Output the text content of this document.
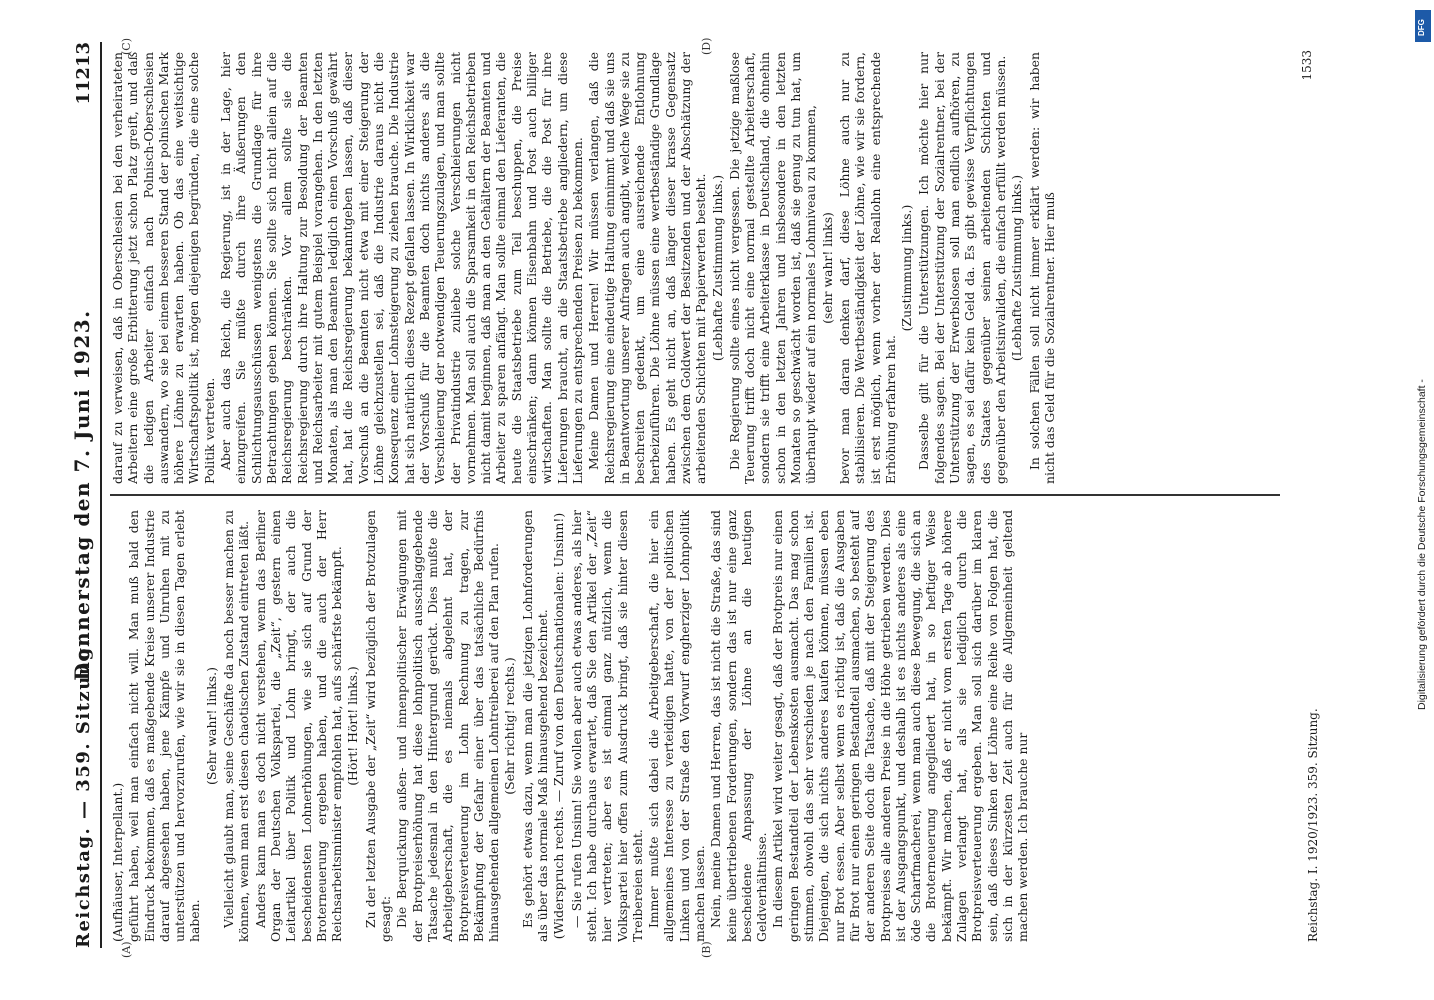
Reichstag. — 359. Sitzung.
Donnerstag den 7. Juni 1923.
11213
(A)	(B)
(C)	(D)

(Aufhäuser, Interpellant.) geführt haben, weil man einfach nicht will. Man muß bald den Eindruck bekommen, daß es maßgebende Kreise unserer Industrie darauf abgesehen haben, jene Kämpfe und Unruhen mit zu unterstützen und hervorzurufen, wie wir sie in diesen Tagen erlebt haben.

(Sehr wahr! links.) Vielleicht glaubt man, seine Geschäfte da noch besser machen zu können, wenn man erst diesen chaotischen Zustand eintreten läßt. Anders kann man es doch nicht verstehen, wenn das Berliner Organ der Deutschen Volkspartei, die „Zeit“, gestern einen Leitartikel über Politik und Lohn bringt, der auch die bescheidensten Lohnerhöhungen, wie sie sich auf Grund der Broterneuerung ergeben haben, und die auch der Herr Reichsarbeitsminister empfohlen hat, aufs schärfste bekämpft. (Hört! Hört! links.) Zu der letzten Ausgabe der „Zeit“ wird bezüglich der Brotzulagen gesagt: Die Berquickung außen- und innenpolitischer Erwägungen mit der Brotpreiserhöhung hat diese lohnpolitisch ausschlaggebende Tatsache jedesmal in den Hintergrund gerückt. Dies mußte die Arbeitgeberschaft, die es niemals abgelehnt hat, der Brotpreisverteuerung im Lohn Rechnung zu tragen, zur Bekämpfung der Gefahr einer über das tatsächliche Bedürfnis hinausgehenden allgemeinen Lohntreiberei auf den Plan rufen. (Sehr richtig! rechts.) Es gehört etwas dazu, wenn man die jetzigen Lohnforderungen als über das normale Maß hinausgehend bezeichnet. (Widerspruch rechts. — Zuruf von den Deutschnationalen: Unsinn!) — Sie rufen Unsinn! Sie wollen aber auch etwas anderes, als hier steht. Ich habe durchaus erwartet, daß Sie den Artikel der „Zeit“ hier vertreten; aber es ist einmal ganz nützlich, wenn die Volkspartei hier offen zum Ausdruck bringt, daß sie hinter diesen Treibereien steht. Immer mußte sich dabei die Arbeitgeberschaft, die hier ein allgemeines Interesse zu verteidigen hatte, von der politischen Linken und von der Straße den Vorwurf engherziger Lohnpolitik machen lassen. Nein, meine Damen und Herren, das ist nicht die Straße, das sind keine übertriebenen Forderungen, sondern das ist nur eine ganz bescheidene Anpassung der Löhne an die heutigen Geldverhältnisse. In diesem Artikel wird weiter gesagt, daß der Brotpreis nur einen geringen Bestandteil der Lebenskosten ausmacht. Das mag schon stimmen, obwohl das sehr verschieden je nach den Familien ist. Diejenigen, die sich nichts anderes kaufen können, müssen eben nur Brot essen. Aber selbst wenn es richtig ist, daß die Ausgaben für Brot nur einen geringen Bestandteil ausmachen, so besteht auf der anderen Seite doch die Tatsache, daß mit der Steigerung des Brotpreises alle anderen Preise in die Höhe getrieben werden. Dies ist der Ausgangspunkt, und deshalb ist es nichts anderes als eine öde Scharfmacherei, wenn man auch diese Bewegung, die sich an die Broterneuerung angegliedert hat, in so heftiger Weise bekämpft. Wir machen, daß er nicht vom ersten Tage ab höhere Zulagen verlangt hat, als sie lediglich durch die Brotpreisverteuerung ergeben. Man soll sich darüber im klaren sein, daß dieses Sinken der Löhne eine Reihe von Folgen hat, die sich in der kürzesten Zeit auch für die Allgemeinheit geltend machen werden. Ich brauche nur

darauf zu verweisen, daß in Oberschlesien bei den verheirateten Arbeitern eine große Erbitterung jetzt schon Platz greift, und daß die ledigen Arbeiter einfach nach Polnisch-Oberschlesien auswandern, wo sie bei einem besseren Stand der polnischen Mark höhere Löhne zu erwarten haben. Ob das eine weitsichtige Wirtschaftspolitik ist, mögen diejenigen begründen, die eine solche Politik vertreten. Aber auch das Reich, die Regierung, ist in der Lage, hier einzugreifen. Sie müßte durch ihre Äußerungen den Schlichtungsausschüssen wenigstens die Grundlage für ihre Betrachtungen geben können. Sie sollte sich nicht allein auf die Reichsregierung beschränken. Vor allem sollte sie die Reichsregierung durch ihre Haltung zur Besoldung der Beamten und Reichsarbeiter mit gutem Beispiel vorangehen. In den letzten Monaten, als man den Beamten lediglich einen Vorschuß gewährt hat, hat die Reichsregierung bekanntgeben lassen, daß dieser Vorschuß an die Beamten nicht etwa mit einer Steigerung der Löhne gleichzustellen sei, daß die Industrie daraus nicht die Konsequenz einer Lohnsteigerung zu ziehen brauche. Die Industrie hat sich natürlich dieses Rezept gefallen lassen. In Wirklichkeit war der Vorschuß für die Beamten doch nichts anderes als die Verschleierung der notwendigen Teuerungszulagen, und man sollte der Privatindustrie zuliebe solche Verschleierungen nicht vornehmen. Man soll auch die Sparsamkeit in den Reichsbetrieben nicht damit beginnen, daß man an den Gehältern der Beamten und Arbeiter zu sparen anfängt. Man sollte einmal den Lieferanten, die heute die Staatsbetriebe zum Teil beschuppen, die Preise einschränken; dann können Eisenbahn und Post auch billiger wirtschaften. Man sollte die Betriebe, die die Post für ihre Lieferungen braucht, an die Staatsbetriebe angliedern, um diese Lieferungen zu entsprechenden Preisen zu bekommen. Meine Damen und Herren! Wir müssen verlangen, daß die Reichsregierung eine eindeutige Haltung einnimmt und daß sie uns in Beantwortung unserer Anfragen auch angibt, welche Wege sie zu beschreiten gedenkt, um eine ausreichende Entlohnung herbeizuführen. Die Löhne müssen eine wertbeständige Grundlage haben. Es geht nicht an, daß länger dieser krasse Gegensatz zwischen dem Goldwert der Besitzenden und der Abschätzung der arbeitenden Schichten mit Papierwerten besteht. (Lebhafte Zustimmung links.) Die Regierung sollte eines nicht vergessen. Die jetzige maßlose Teuerung trifft doch nicht eine normal gestellte Arbeiterschaft, sondern sie trifft eine Arbeiterklasse in Deutschland, die ohnehin schon in den letzten Jahren und insbesondere in den letzten Monaten so geschwächt worden ist, daß sie genug zu tun hat, um überhaupt wieder auf ein normales Lohnniveau zu kommen, (sehr wahr! links) bevor man daran denken darf, diese Löhne auch nur zu stabilisieren. Die Wertbeständigkeit der Löhne, wie wir sie fordern, ist erst möglich, wenn vorher der Reallohn eine entsprechende Erhöhung erfahren hat.

(Zustimmung links.) Dasselbe gilt für die Unterstützungen. Ich möchte hier nur folgendes sagen. Bei der Unterstützung der Sozialrentner, bei der Unterstützung der Erwerbslosen soll man endlich aufhören, zu sagen, es sei dafür kein Geld da. Es gibt gewisse Verpflichtungen des Staates gegenüber seinen arbeitenden Schichten und gegenüber den Arbeitsinvaliden, die einfach erfüllt werden müssen. (Lebhafte Zustimmung links.) In solchen Fällen soll nicht immer erklärt werden: wir haben nicht das Geld für die Sozialrentner. Hier muß

Reichstag. I. 1920/1923. 359. Sitzung.
1533
DFG
Digitalisierung gefördert durch die Deutsche Forschungsgemeinschaft -
